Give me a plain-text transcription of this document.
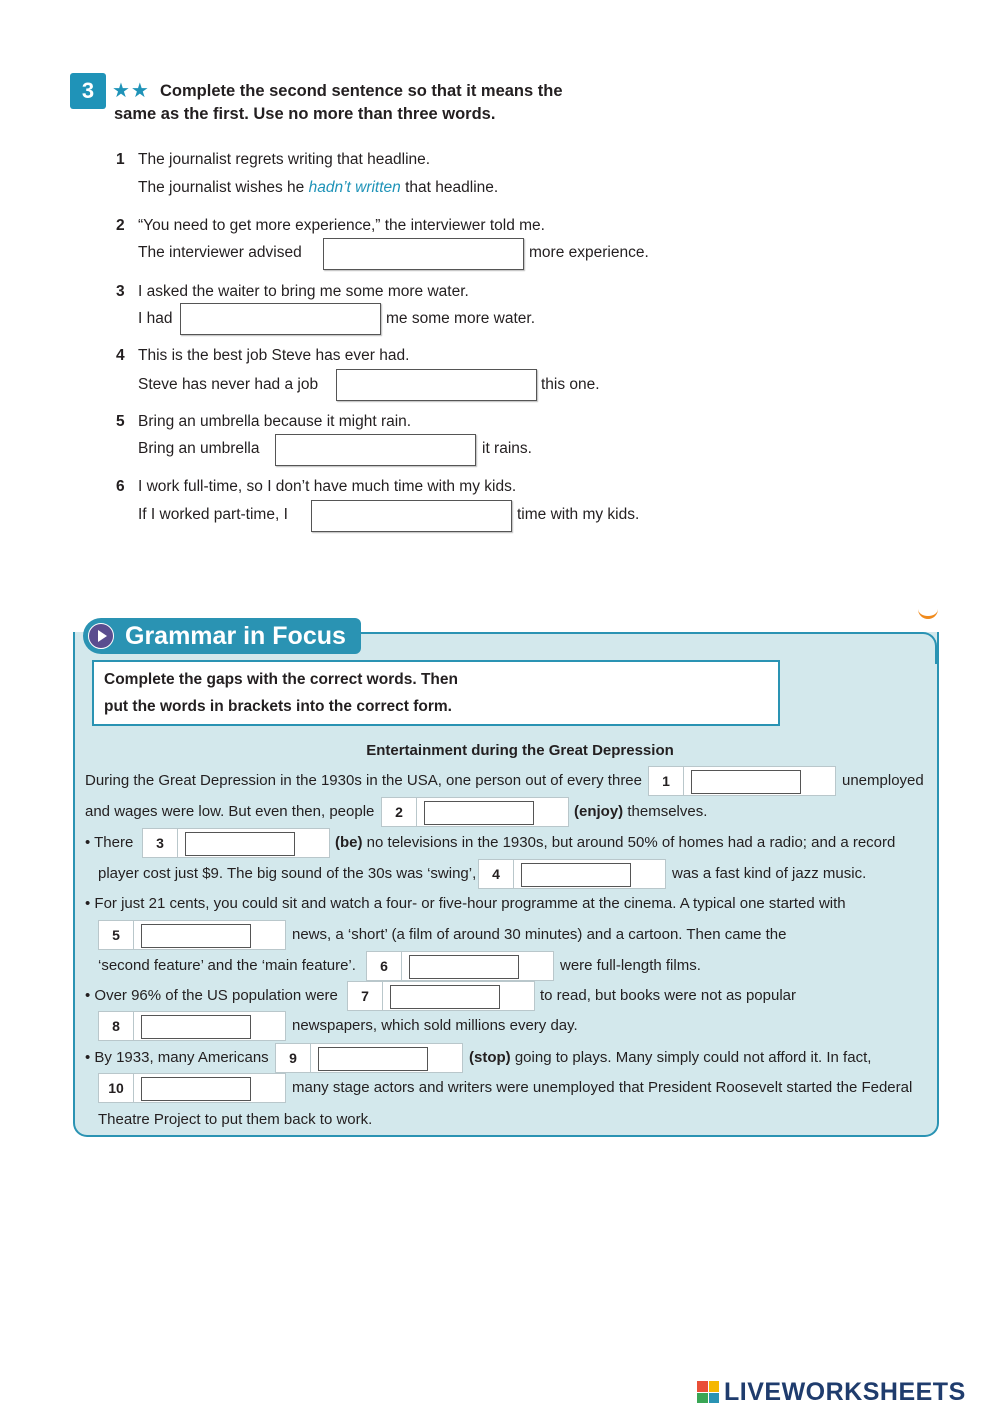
3 ★★ Complete the second sentence so that it means the
same as the first. Use no more than three words.
1 The journalist regrets writing that headline.
The journalist wishes he hadn’t written that headline.
2 “You need to get more experience,” the interviewer told me.
The interviewer advised	more experience.
3 I asked the waiter to bring me some more water.
I had	me some more water.
4 This is the best job Steve has ever had.
Steve has never had a job	this one.
5 Bring an umbrella because it might rain.
Bring an umbrella	it rains.
6 I work full-time, so I don’t have much time with my kids.
If I worked part-time, I	time with my kids.
Grammar in Focus
Complete the gaps with the correct words. Then
put the words in brackets into the correct form.
Entertainment during the Great Depression
During the Great Depression in the 1930s in the USA, one person out of every three	1	unemployed
and wages were low. But even then, people	2	(enjoy) themselves.
• There	3	(be) no televisions in the 1930s, but around 50% of homes had a radio; and a record
player cost just $9. The big sound of the 30s was ‘swing’,	4	was a fast kind of jazz music.
• For just 21 cents, you could sit and watch a four- or five-hour programme at the cinema. A typical one started with
5	news, a ‘short’ (a film of around 30 minutes) and a cartoon. Then came the
‘second feature’ and the ‘main feature’.	6	were full-length films.
• Over 96% of the US population were	7	to read, but books were not as popular
8	newspapers, which sold millions every day.
• By 1933, many Americans	9	(stop) going to plays. Many simply could not afford it. In fact,
10	many stage actors and writers were unemployed that President Roosevelt started the Federal
Theatre Project to put them back to work.
LIVEWORKSHEETS
